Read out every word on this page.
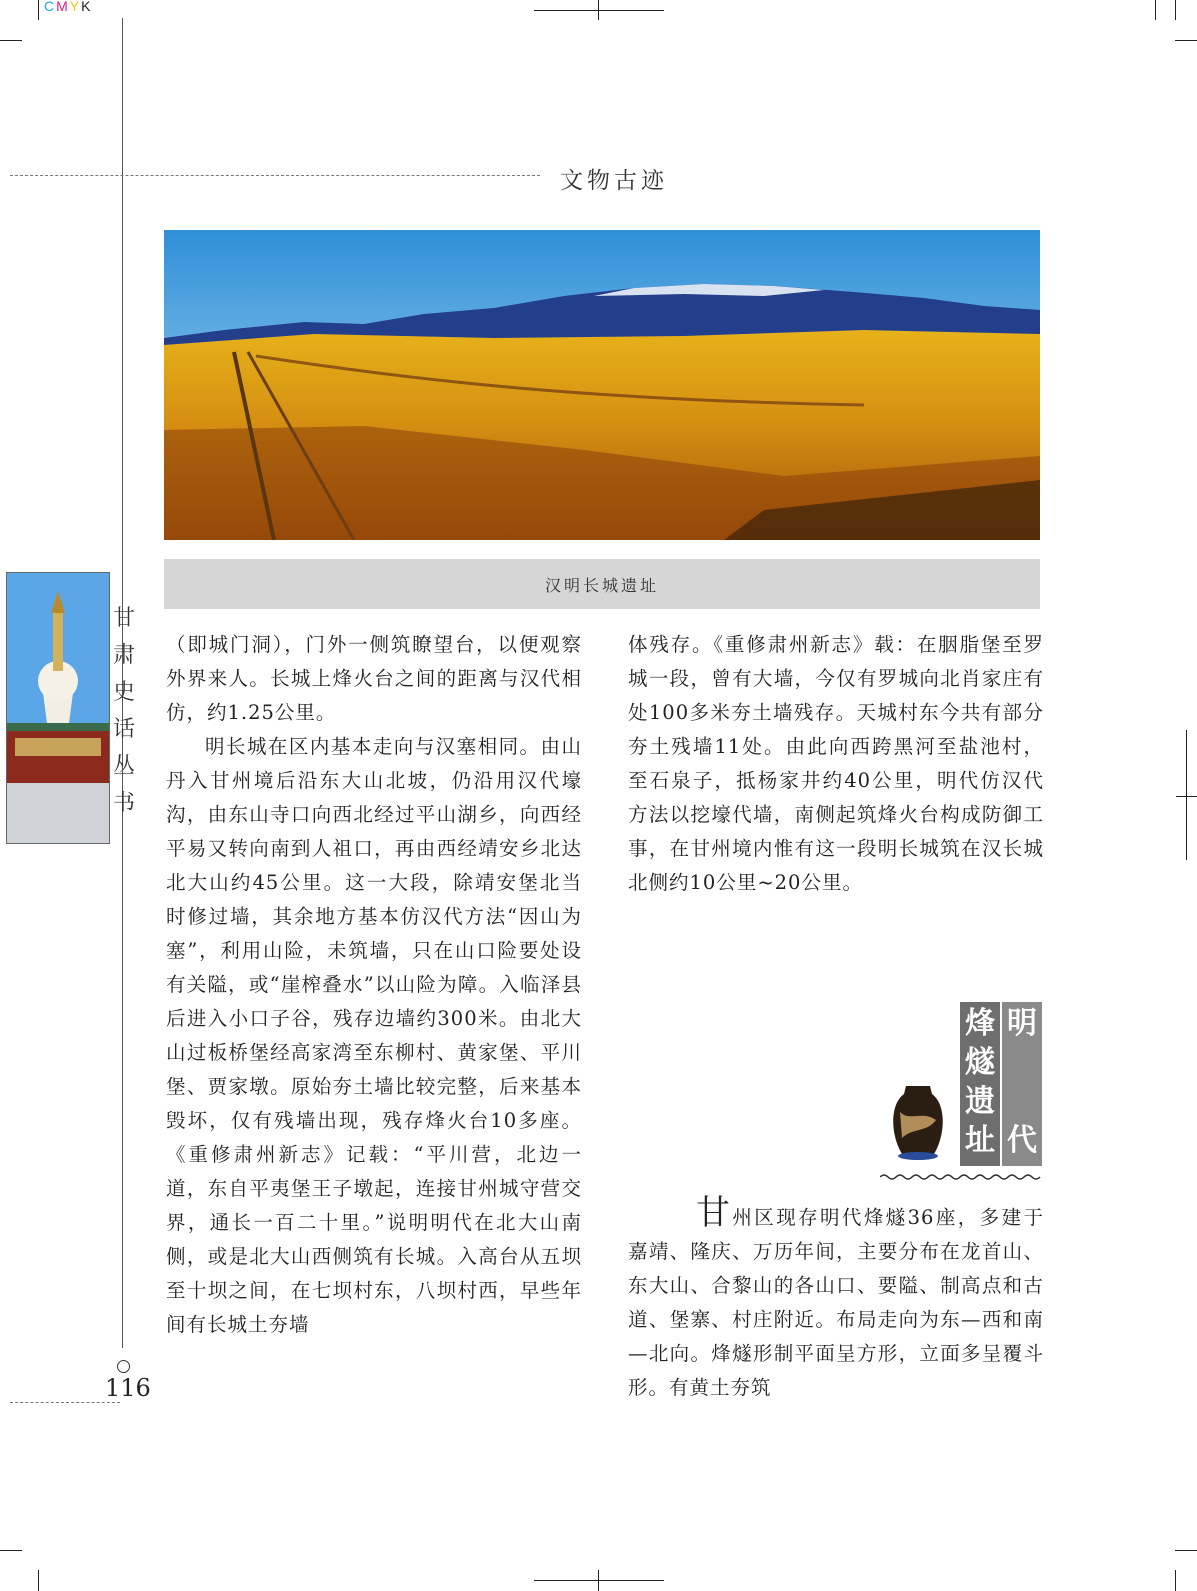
CMYK
文物古迹
汉明长城遗址
甘
肃
史
话
丛
书
116

（即城门洞），门外一侧筑瞭望台，以便观察外界来人。长城上烽火台之间的距离与汉代相仿，约1.25公里。

明长城在区内基本走向与汉塞相同。由山丹入甘州境后沿东大山北坡，仍沿用汉代壕沟，由东山寺口向西北经过平山湖乡，向西经平易又转向南到人祖口，再由西经靖安乡北达北大山约45公里。这一大段，除靖安堡北当时修过墙，其余地方基本仿汉代方法“因山为塞”，利用山险，未筑墙，只在山口险要处设有关隘，或“崖榨叠水”以山险为障。入临泽县后进入小口子谷，残存边墙约300米。由北大山过板桥堡经高家湾至东柳村、黄家堡、平川堡、贾家墩。原始夯土墙比较完整，后来基本毁坏，仅有残墙出现，残存烽火台10多座。《重修肃州新志》记载：“平川营，北边一道，东自平夷堡王子墩起，连接甘州城守营交界，通长一百二十里。”说明明代在北大山南侧，或是北大山西侧筑有长城。入高台从五坝至十坝之间，在七坝村东，八坝村西，早些年间有长城土夯墙

体残存。《重修肃州新志》载：在胭脂堡至罗城一段，曾有大墙，今仅有罗城向北肖家庄有处100多米夯土墙残存。天城村东今共有部分夯土残墙11处。由此向西跨黑河至盐池村，至石泉子，抵杨家井约40公里，明代仿汉代方法以挖壕代墙，南侧起筑烽火台构成防御工事，在甘州境内惟有这一段明长城筑在汉长城北侧约10公里~20公里。

烽
燧
遗
址
明

代

甘州区现存明代烽燧36座，多建于嘉靖、隆庆、万历年间，主要分布在龙首山、东大山、合黎山的各山口、要隘、制高点和古道、堡寨、村庄附近。布局走向为东—西和南—北向。烽燧形制平面呈方形，立面多呈覆斗形。有黄土夯筑
